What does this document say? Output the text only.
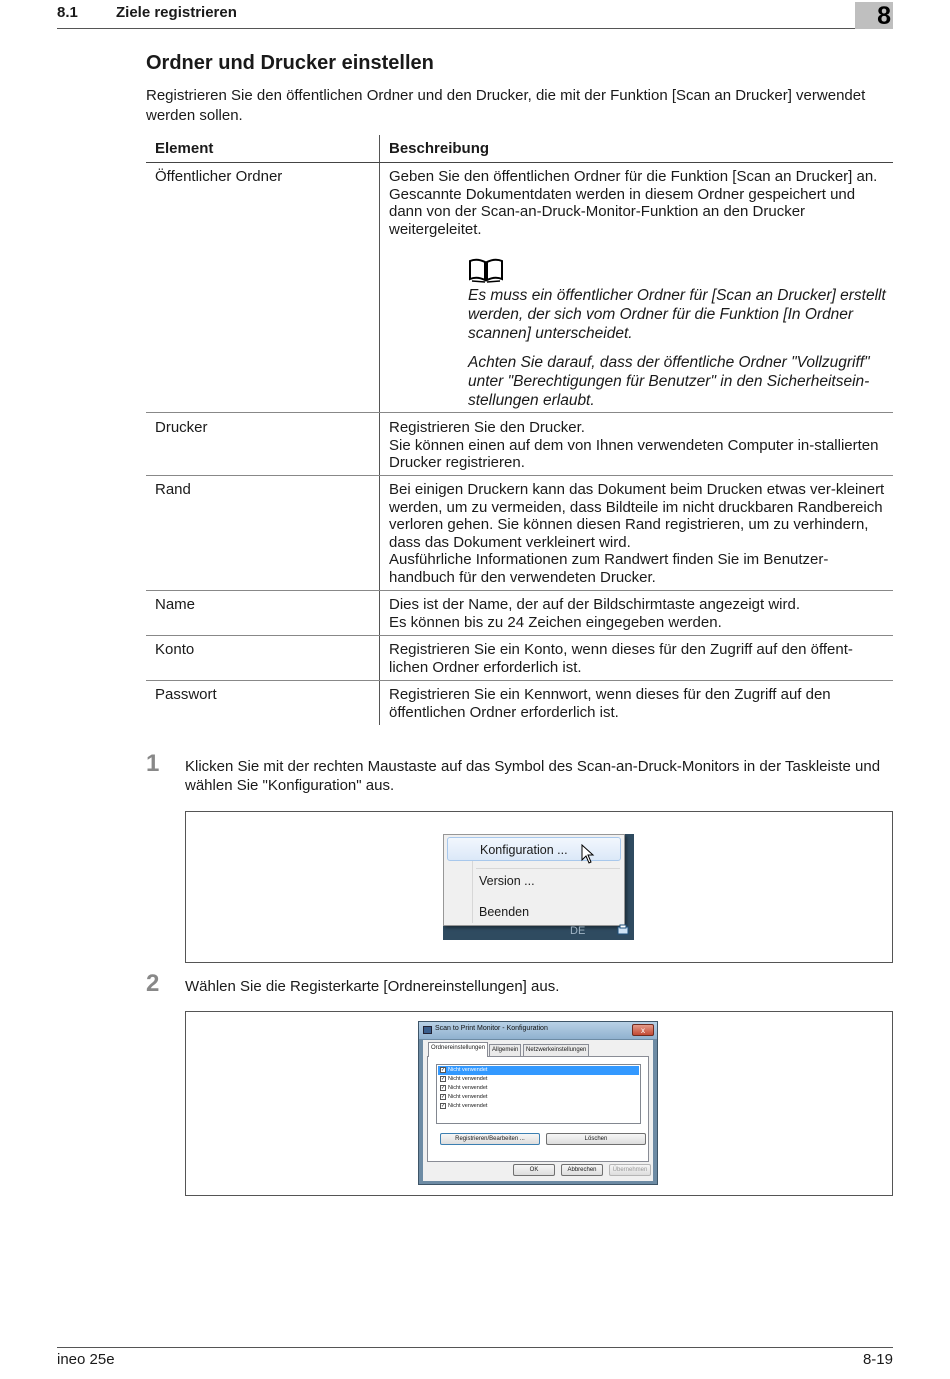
8.1	Ziele registrieren	8
Ordner und Drucker einstellen

Registrieren Sie den öffentlichen Ordner und den Drucker, die mit der Funktion [Scan an Drucker] verwendet werden sollen.

Element	Beschreibung
Öffentlicher Ordner	Geben Sie den öffentlichen Ordner für die Funktion [Scan an Drucker] an. Gescannte Dokumentdaten werden in diesem Ordner gespeichert und dann von der Scan-an-Druck-Monitor-Funktion an den Drucker weitergeleitet.
Es muss ein öffentlicher Ordner für [Scan an Drucker] erstellt werden, der sich vom Ordner für die Funktion [In Ordner scannen] unterscheidet.
Achten Sie darauf, dass der öffentliche Ordner "Vollzugriff" unter "Berechtigungen für Benutzer" in den Sicherheitsein-stellungen erlaubt.
Drucker	Registrieren Sie den Drucker.
Sie können einen auf dem von Ihnen verwendeten Computer in-stallierten Drucker registrieren.
Rand	Bei einigen Druckern kann das Dokument beim Drucken etwas ver-kleinert werden, um zu vermeiden, dass Bildteile im nicht druckbaren Randbereich verloren gehen. Sie können diesen Rand registrieren, um zu verhindern, dass das Dokument verkleinert wird.
Ausführliche Informationen zum Randwert finden Sie im Benutzer-handbuch für den verwendeten Drucker.
Name	Dies ist der Name, der auf der Bildschirmtaste angezeigt wird.
Es können bis zu 24 Zeichen eingegeben werden.
Konto	Registrieren Sie ein Konto, wenn dieses für den Zugriff auf den öffent-lichen Ordner erforderlich ist.
Passwort	Registrieren Sie ein Kennwort, wenn dieses für den Zugriff auf den öffentlichen Ordner erforderlich ist.
1 Klicken Sie mit der rechten Maustaste auf das Symbol des Scan-an-Druck-Monitors in der Taskleiste und wählen Sie "Konfiguration" aus.
Konfiguration ...
Version ...
Beenden
DE
2 Wählen Sie die Registerkarte [Ordnereinstellungen] aus.
Scan to Print Monitor - Konfiguration	x
✓ Nicht verwendet
✓ Nicht verwendet
✓ Nicht verwendet
✓ Nicht verwendet
✓ Nicht verwendet
Registrieren/Bearbeiten ...	Löschen
Ordnereinstellungen	Allgemein	Netzwerkeinstellungen
OK	Abbrechen	Übernehmen
ineo 25e	8-19
